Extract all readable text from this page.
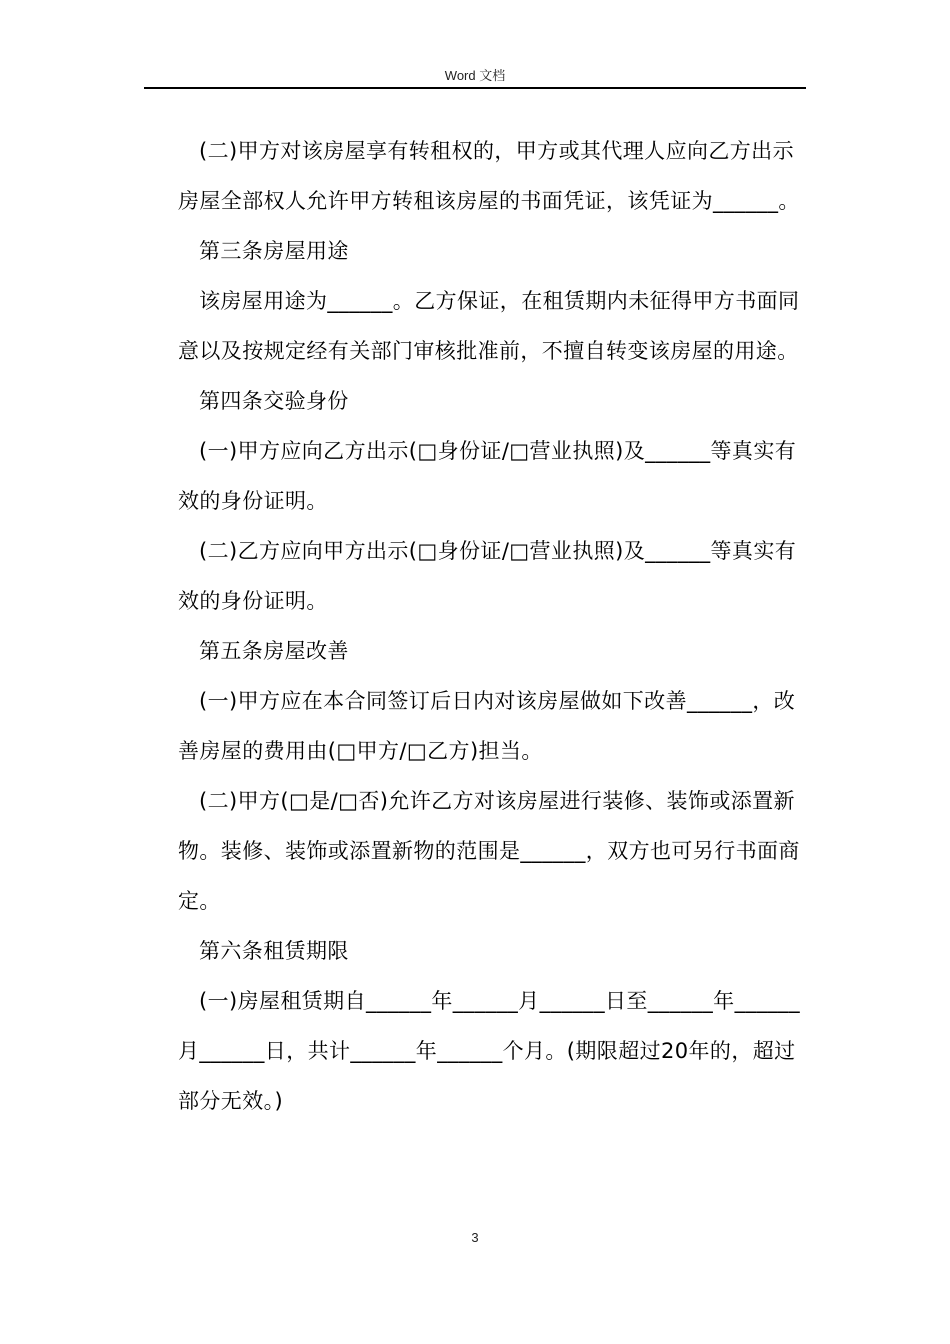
Word 文档

(二)甲方对该房屋享有转租权的，甲方或其代理人应向乙方出示房屋全部权人允许甲方转租该房屋的书面凭证，该凭证为______。

第三条房屋用途

该房屋用途为______。乙方保证，在租赁期内未征得甲方书面同意以及按规定经有关部门审核批准前，不擅自转变该房屋的用途。

第四条交验身份

(一)甲方应向乙方出示(□身份证/□营业执照)及______等真实有效的身份证明。

(二)乙方应向甲方出示(□身份证/□营业执照)及______等真实有效的身份证明。

第五条房屋改善

(一)甲方应在本合同签订后日内对该房屋做如下改善______，改善房屋的费用由(□甲方/□乙方)担当。

(二)甲方(□是/□否)允许乙方对该房屋进行装修、装饰或添置新物。装修、装饰或添置新物的范围是______，双方也可另行书面商定。

第六条租赁期限

(一)房屋租赁期自______年______月______日至______年______月______日，共计______年______个月。(期限超过20年的，超过部分无效。)

3
